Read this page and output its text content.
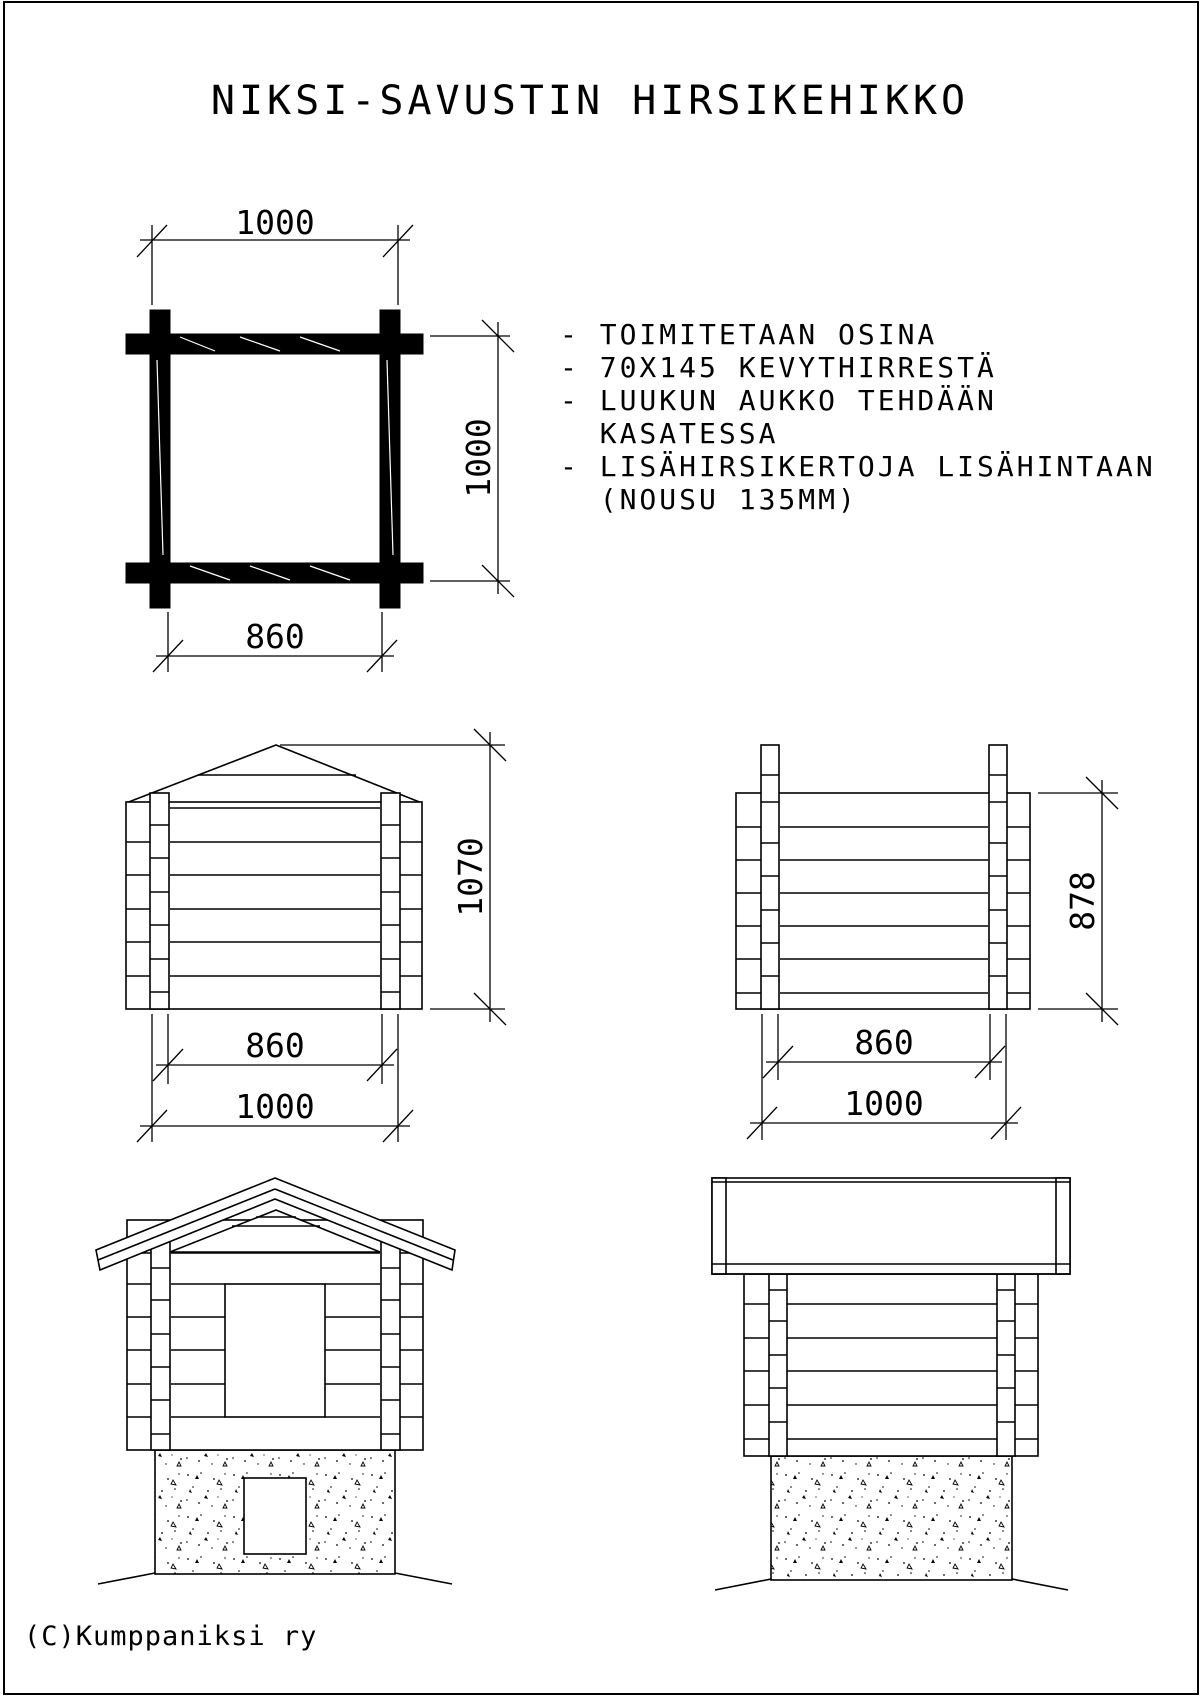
NIKSI-SAVUSTIN HIRSIKEHIKKO
1000
1000
860
- TOIMITETAAN OSINA
- 70X145 KEVYTHIRRESTÄ
- LUUKUN AUKKO TEHDÄÄN
KASATESSA
- LISÄHIRSIKERTOJA LISÄHINTAAN
(NOUSU 135MM)
1070
860
1000
878
860
1000
(C)Kumppaniksi ry
